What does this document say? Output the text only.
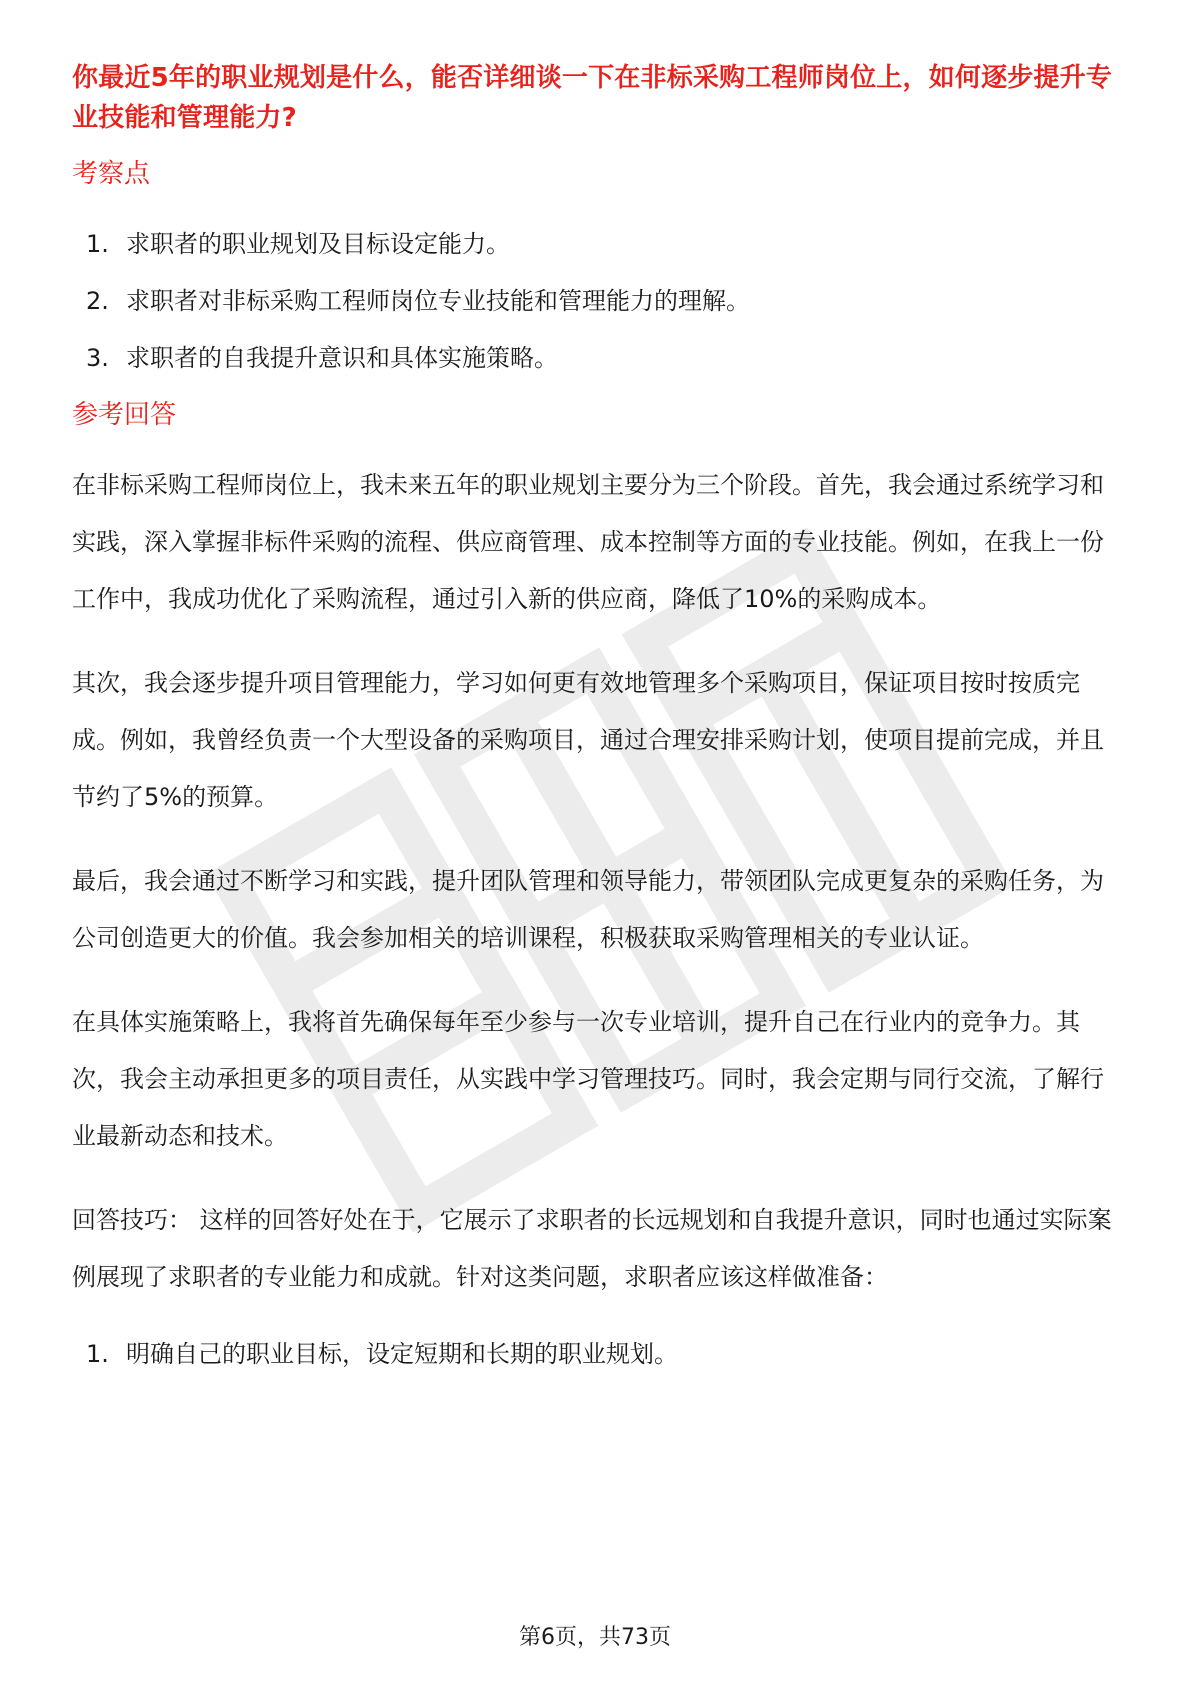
你最近5年的职业规划是什么，能否详细谈一下在非标采购工程师岗位上，如何逐步提升专业技能和管理能力?
考察点
1. 求职者的职业规划及目标设定能力。
2. 求职者对非标采购工程师岗位专业技能和管理能力的理解。
3. 求职者的自我提升意识和具体实施策略。
参考回答

在非标采购工程师岗位上，我未来五年的职业规划主要分为三个阶段。首先，我会通过系统学习和实践，深入掌握非标件采购的流程、供应商管理、成本控制等方面的专业技能。例如，在我上一份工作中，我成功优化了采购流程，通过引入新的供应商，降低了10%的采购成本。

其次，我会逐步提升项目管理能力，学习如何更有效地管理多个采购项目，保证项目按时按质完成。例如，我曾经负责一个大型设备的采购项目，通过合理安排采购计划，使项目提前完成，并且节约了5%的预算。

最后，我会通过不断学习和实践，提升团队管理和领导能力，带领团队完成更复杂的采购任务，为公司创造更大的价值。我会参加相关的培训课程，积极获取采购管理相关的专业认证。

在具体实施策略上，我将首先确保每年至少参与一次专业培训，提升自己在行业内的竞争力。其次，我会主动承担更多的项目责任，从实践中学习管理技巧。同时，我会定期与同行交流，了解行业最新动态和技术。

回答技巧： 这样的回答好处在于，它展示了求职者的长远规划和自我提升意识，同时也通过实际案例展现了求职者的专业能力和成就。针对这类问题，求职者应该这样做准备：

1. 明确自己的职业目标，设定短期和长期的职业规划。
第6页，共73页
